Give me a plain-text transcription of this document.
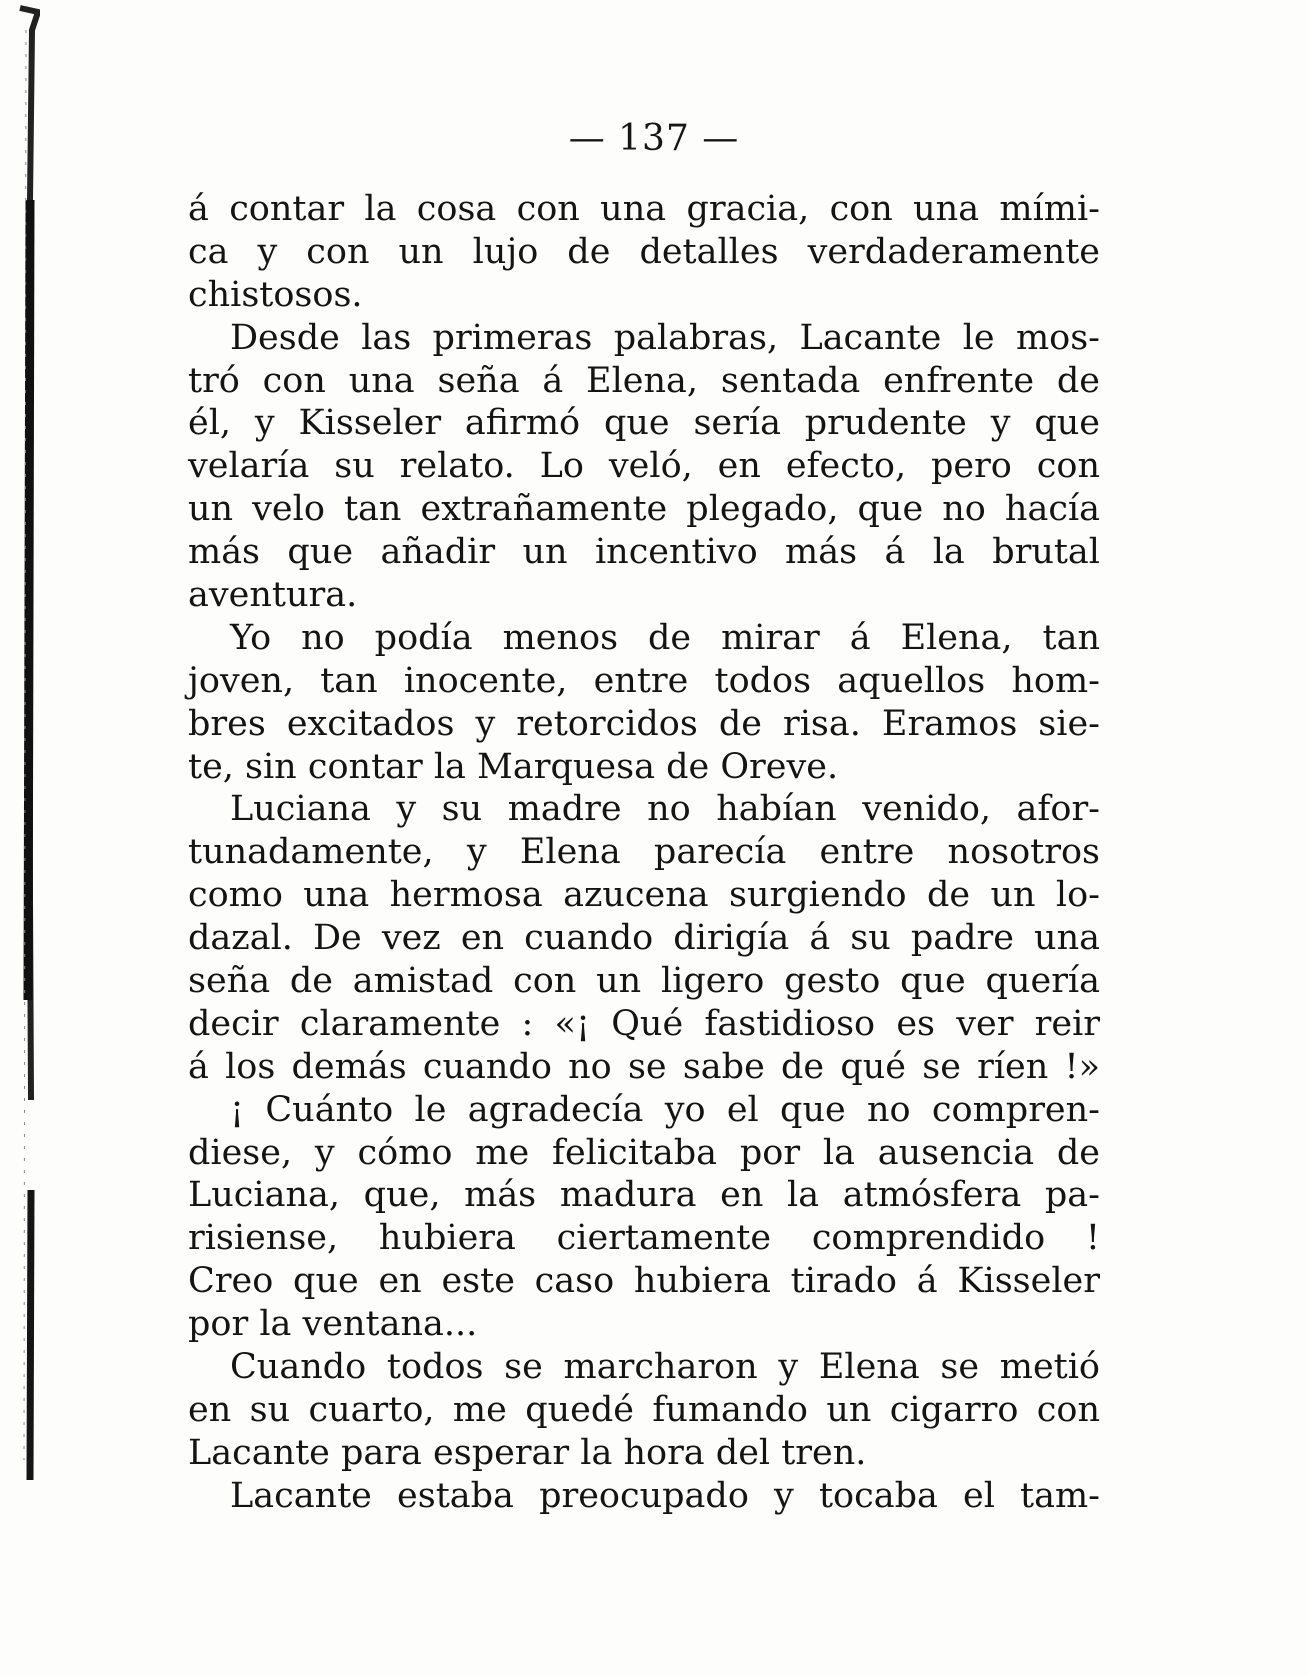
— 137 —
á contar la cosa con una gracia, con una mími-
ca y con un lujo de detalles verdaderamente
chistosos.
Desde las primeras palabras, Lacante le mos-
tró con una seña á Elena, sentada enfrente de
él, y Kisseler afirmó que sería prudente y que
velaría su relato. Lo veló, en efecto, pero con
un velo tan extrañamente plegado, que no hacía
más que añadir un incentivo más á la brutal
aventura.
Yo no podía menos de mirar á Elena, tan
joven, tan inocente, entre todos aquellos hom-
bres excitados y retorcidos de risa. Eramos sie-
te, sin contar la Marquesa de Oreve.
Luciana y su madre no habían venido, afor-
tunadamente, y Elena parecía entre nosotros
como una hermosa azucena surgiendo de un lo-
dazal. De vez en cuando dirigía á su padre una
seña de amistad con un ligero gesto que quería
decir claramente : «¡ Qué fastidioso es ver reir
á los demás cuando no se sabe de qué se ríen !»
¡ Cuánto le agradecía yo el que no compren-
diese, y cómo me felicitaba por la ausencia de
Luciana, que, más madura en la atmósfera pa-
risiense, hubiera ciertamente comprendido !
Creo que en este caso hubiera tirado á Kisseler
por la ventana...
Cuando todos se marcharon y Elena se metió
en su cuarto, me quedé fumando un cigarro con
Lacante para esperar la hora del tren.
Lacante estaba preocupado y tocaba el tam-
